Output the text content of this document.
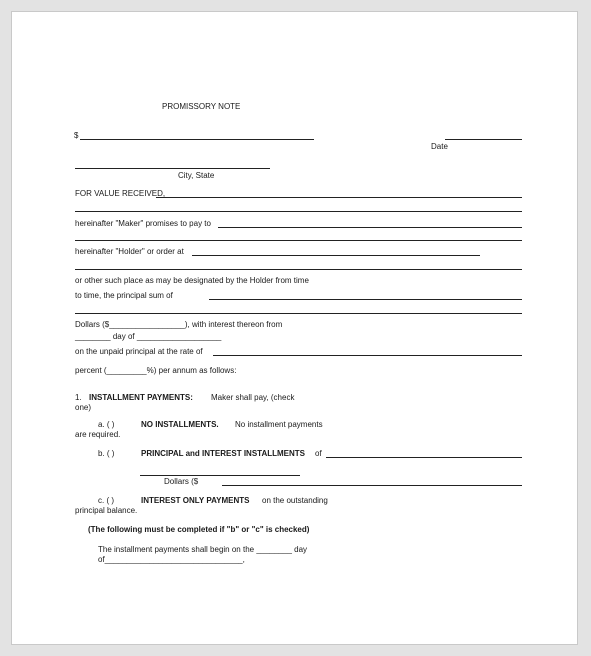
PROMISSORY NOTE
$
Date
City, State
FOR VALUE RECEIVED,
hereinafter "Maker" promises to pay to
hereinafter "Holder" or order at
or other such place as may be designated by the Holder from time
to time, the principal sum of
Dollars ($_________________), with interest thereon from
________ day of ___________________
on the unpaid principal at the rate of
percent (_________%) per annum as follows:
1. INSTALLMENT PAYMENTS: Maker shall pay, (check
one)
a. ( )	NO INSTALLMENTS. No installment payments
are required.
b. ( )	PRINCIPAL and INTEREST INSTALLMENTS of
Dollars ($
c. ( )	INTEREST ONLY PAYMENTS on the outstanding
principal balance.
(The following must be completed if "b" or "c" is checked)
The installment payments shall begin on the ________ day
of_______________________________,
